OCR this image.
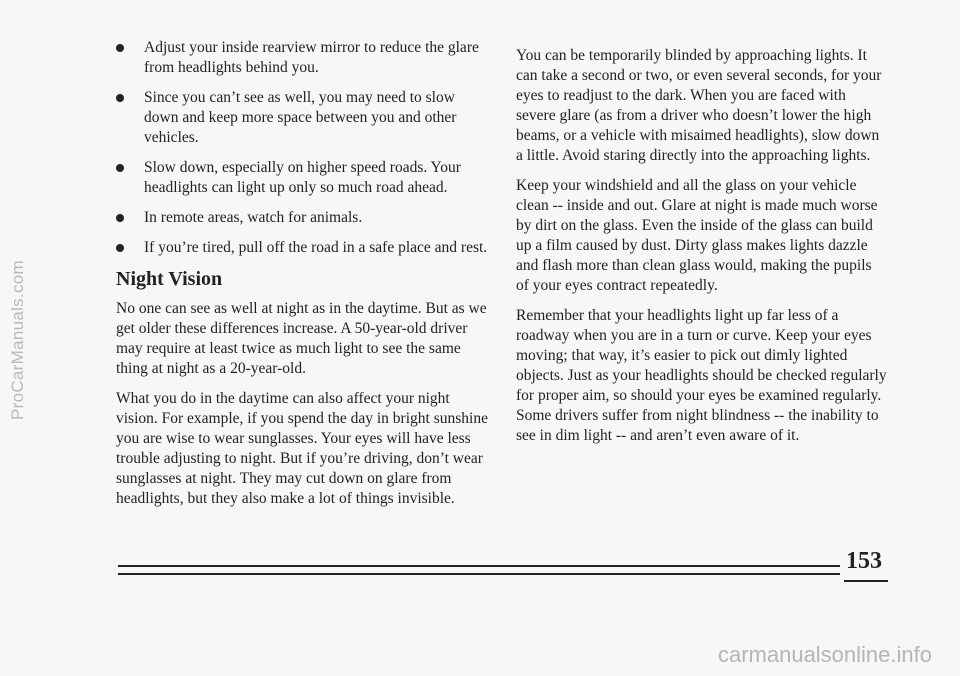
ProCarManuals.com
Adjust your inside rearview mirror to reduce the glare from headlights behind you.
Since you can’t see as well, you may need to slow down and keep more space between you and other vehicles.
Slow down, especially on higher speed roads. Your headlights can light up only so much road ahead.
In remote areas, watch for animals.
If you’re tired, pull off the road in a safe place and rest.
Night Vision

No one can see as well at night as in the daytime. But as we get older these differences increase. A 50-year-old driver may require at least twice as much light to see the same thing at night as a 20-year-old.

What you do in the daytime can also affect your night vision. For example, if you spend the day in bright sunshine you are wise to wear sunglasses. Your eyes will have less trouble adjusting to night. But if you’re driving, don’t wear sunglasses at night. They may cut down on glare from headlights, but they also make a lot of things invisible.

You can be temporarily blinded by approaching lights. It can take a second or two, or even several seconds, for your eyes to readjust to the dark. When you are faced with severe glare (as from a driver who doesn’t lower the high beams, or a vehicle with misaimed headlights), slow down a little. Avoid staring directly into the approaching lights.

Keep your windshield and all the glass on your vehicle clean -- inside and out. Glare at night is made much worse by dirt on the glass. Even the inside of the glass can build up a film caused by dust. Dirty glass makes lights dazzle and flash more than clean glass would, making the pupils of your eyes contract repeatedly.

Remember that your headlights light up far less of a roadway when you are in a turn or curve. Keep your eyes moving; that way, it’s easier to pick out dimly lighted objects. Just as your headlights should be checked regularly for proper aim, so should your eyes be examined regularly. Some drivers suffer from night blindness -- the inability to see in dim light -- and aren’t even aware of it.

153
carmanualsonline.info
